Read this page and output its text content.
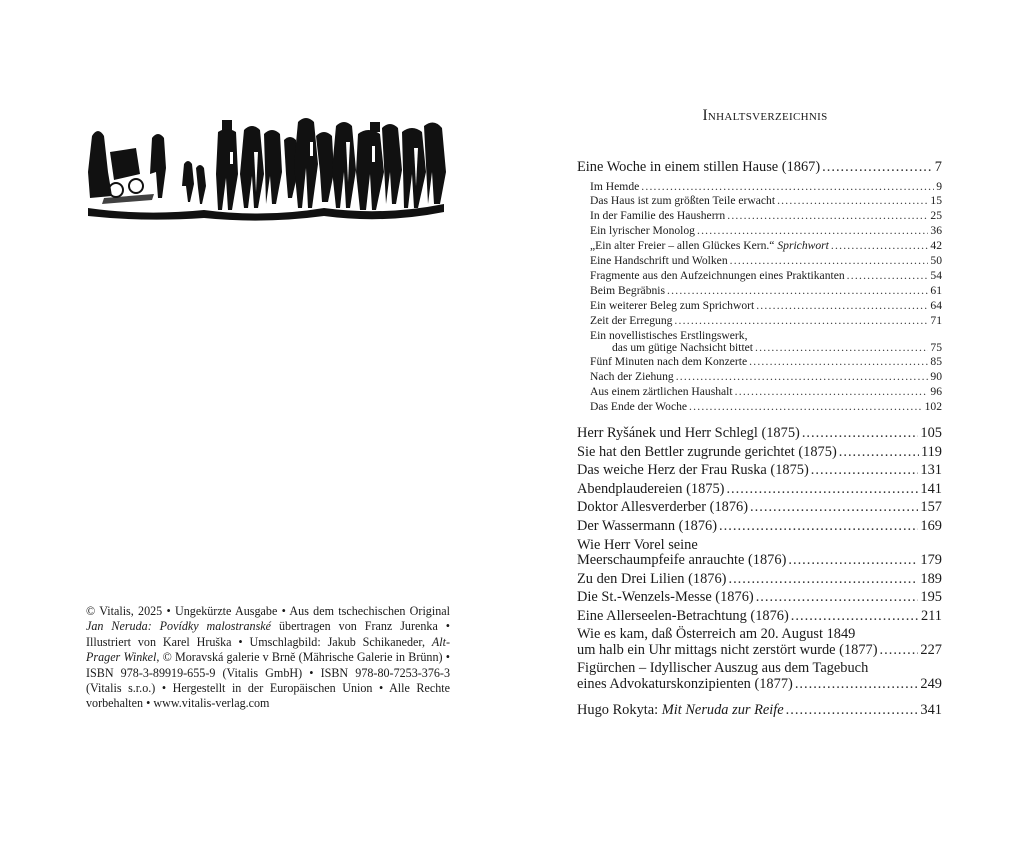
© Vitalis, 2025 • Ungekürzte Ausgabe • Aus dem tschechischen Original Jan Neruda: Povídky malostranské übertragen von Franz Jurenka • Illustriert von Karel Hruška • Umschlagbild: Jakub Schikaneder, Alt-Prager Winkel, © Moravská galerie v Brně (Mährische Galerie in Brünn) • ISBN 978-3-89919-655-9 (Vitalis GmbH) • ISBN 978-80-7253-376-3 (Vitalis s.r.o.) • Hergestellt in der Europäischen Union • Alle Rechte vorbehalten • www.vitalis-verlag.com
Inhaltsverzeichnis
Eine Woche in einem stillen Hause (1867) .....	7
Im Hemde .....	9
Das Haus ist zum größten Teile erwacht .....	15
In der Familie des Hausherrn .....	25
Ein lyrischer Monolog .....	36
„Ein alter Freier – allen Glückes Kern.“ Sprichwort .....	42
Eine Handschrift und Wolken .....	50
Fragmente aus den Aufzeichnungen eines Praktikanten .....	54
Beim Begräbnis .....	61
Ein weiterer Beleg zum Sprichwort .....	64
Zeit der Erregung .....	71
Ein novellistisches Erstlingswerk,
das um gütige Nachsicht bittet .....	75
Fünf Minuten nach dem Konzerte .....	85
Nach der Ziehung .....	90
Aus einem zärtlichen Haushalt .....	96
Das Ende der Woche .....	102
Herr Ryšánek und Herr Schlegl (1875) .....	105
Sie hat den Bettler zugrunde gerichtet (1875) .....	119
Das weiche Herz der Frau Ruska (1875) .....	131
Abendplaudereien (1875) .....	141
Doktor Allesverderber (1876) .....	157
Der Wassermann (1876) .....	169
Wie Herr Vorel seine
Meerschaumpfeife anrauchte (1876) .....	179
Zu den Drei Lilien (1876) .....	189
Die St.-Wenzels-Messe (1876) .....	195
Eine Allerseelen-Betrachtung (1876) .....	211
Wie es kam, daß Österreich am 20. August 1849
um halb ein Uhr mittags nicht zerstört wurde (1877) .....	227
Figürchen – Idyllischer Auszug aus dem Tagebuch
eines Advokaturskonzipienten (1877) .....	249
Hugo Rokyta: Mit Neruda zur Reife .....	341
